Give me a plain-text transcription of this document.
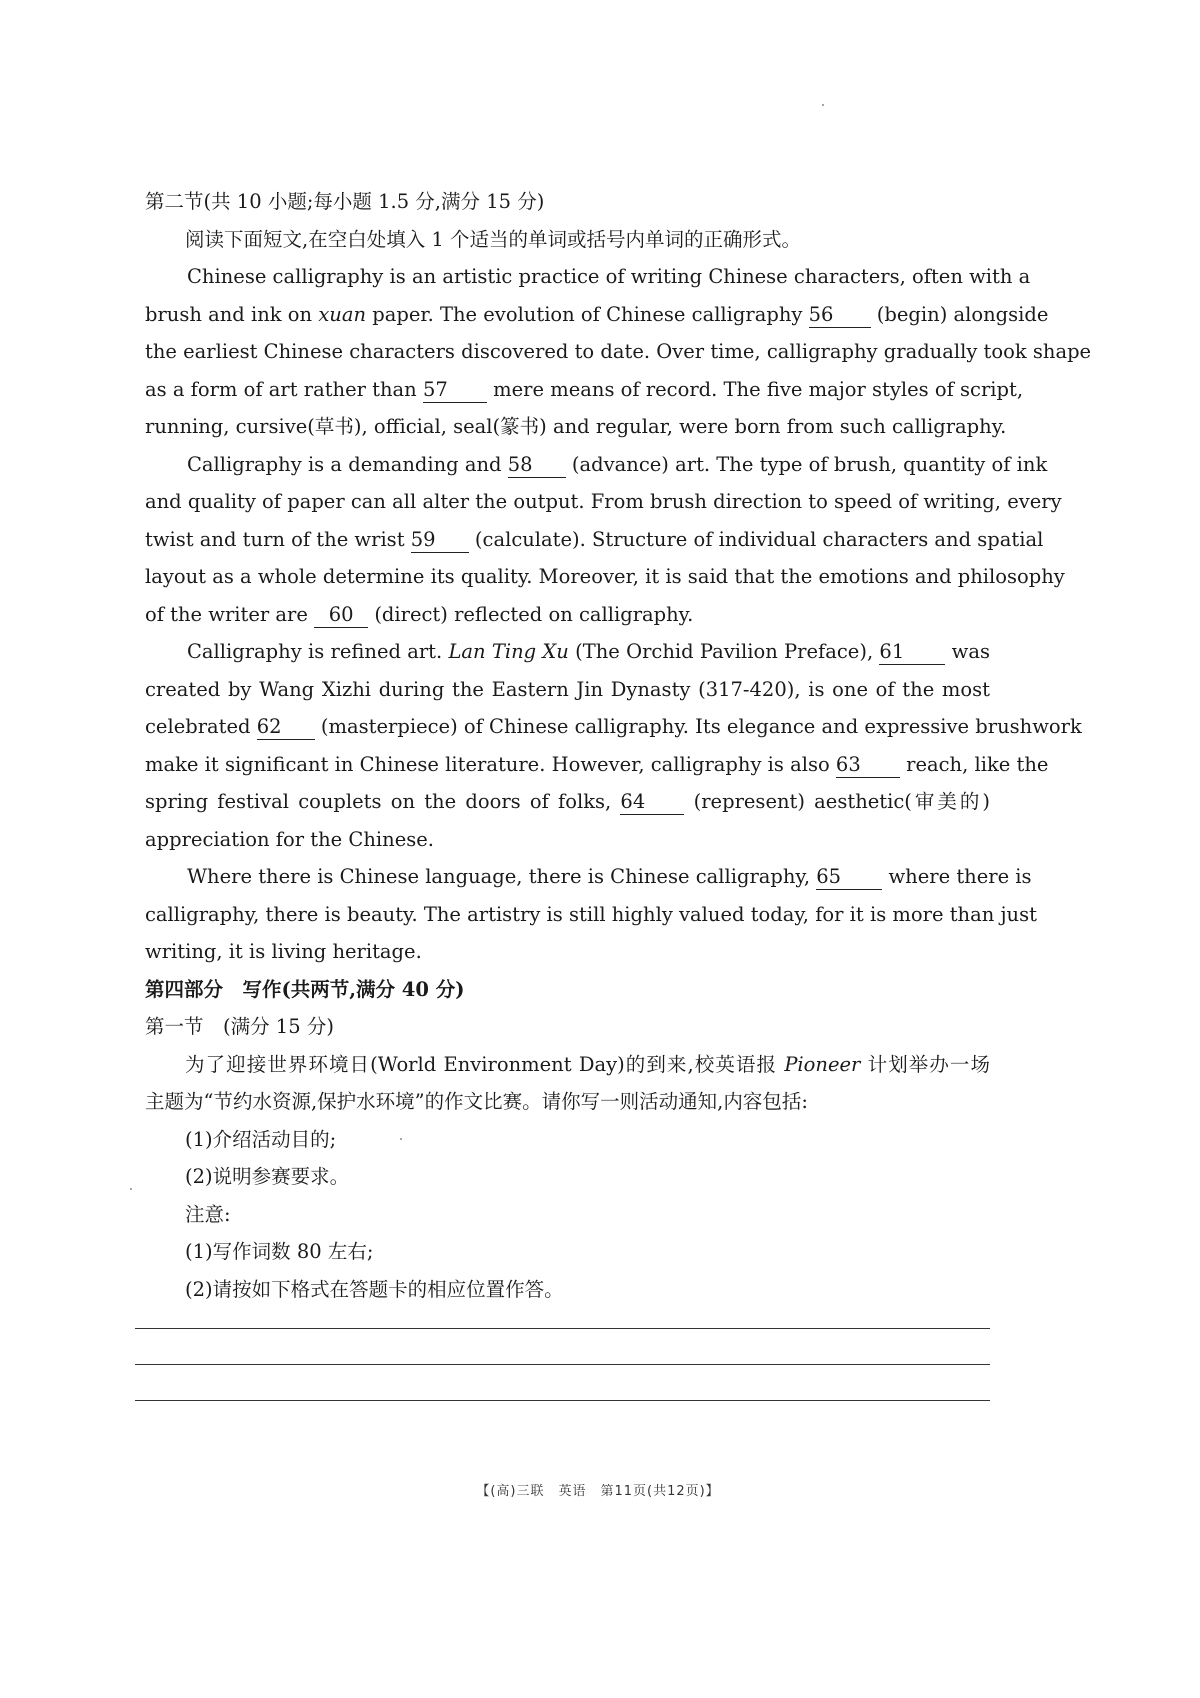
第二节(共 10 小题;每小题 1.5 分,满分 15 分)
阅读下面短文,在空白处填入 1 个适当的单词或括号内单词的正确形式。
Chinese calligraphy is an artistic practice of writing Chinese characters, often with a
brush and ink on xuan paper. The evolution of Chinese calligraphy 56 (begin) alongside
the earliest Chinese characters discovered to date. Over time, calligraphy gradually took shape
as a form of art rather than 57 mere means of record. The five major styles of script,
running, cursive(草书), official, seal(篆书) and regular, were born from such calligraphy.
Calligraphy is a demanding and 58 (advance) art. The type of brush, quantity of ink
and quality of paper can all alter the output. From brush direction to speed of writing, every
twist and turn of the wrist 59 (calculate). Structure of individual characters and spatial
layout as a whole determine its quality. Moreover, it is said that the emotions and philosophy
of the writer are 60 (direct) reflected on calligraphy.
Calligraphy is refined art. Lan Ting Xu (The Orchid Pavilion Preface), 61 was
created by Wang Xizhi during the Eastern Jin Dynasty (317-420), is one of the most
celebrated 62 (masterpiece) of Chinese calligraphy. Its elegance and expressive brushwork
make it significant in Chinese literature. However, calligraphy is also 63 reach, like the
spring festival couplets on the doors of folks, 64 (represent) aesthetic(审美的)
appreciation for the Chinese.
Where there is Chinese language, there is Chinese calligraphy, 65 where there is
calligraphy, there is beauty. The artistry is still highly valued today, for it is more than just
writing, it is living heritage.
第四部分　写作(共两节,满分 40 分)
第一节　(满分 15 分)
为了迎接世界环境日(World Environment Day)的到来,校英语报 Pioneer 计划举办一场
主题为“节约水资源,保护水环境”的作文比赛。请你写一则活动通知,内容包括:
(1)介绍活动目的;
(2)说明参赛要求。
注意:
(1)写作词数 80 左右;
(2)请按如下格式在答题卡的相应位置作答。
【(高)三联　英语　第11页(共12页)】
